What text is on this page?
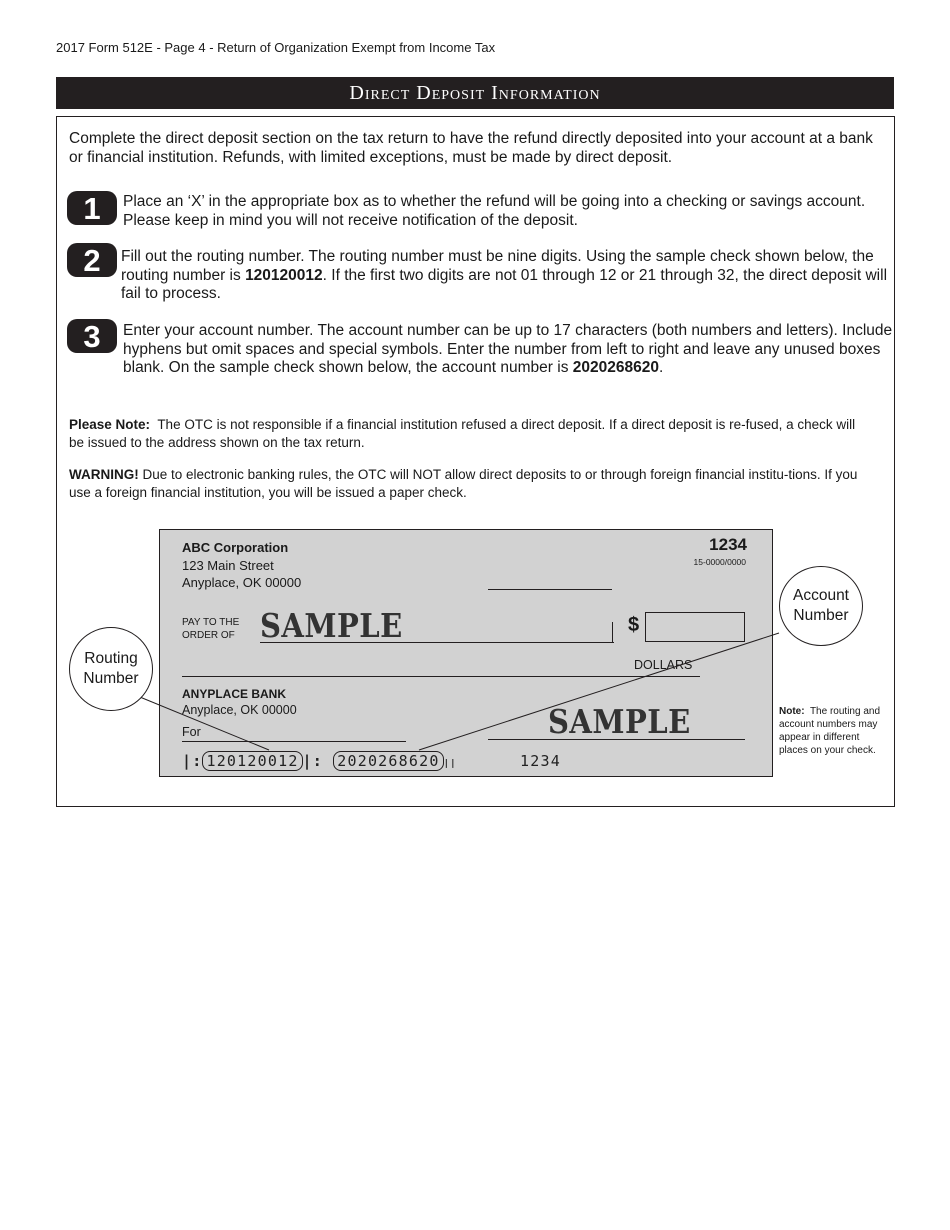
2017 Form 512E - Page 4 - Return of Organization Exempt from Income Tax
Direct Deposit Information
Complete the direct deposit section on the tax return to have the refund directly deposited into your account at a bank or financial institution. Refunds, with limited exceptions, must be made by direct deposit.
1	Place an ‘X’ in the appropriate box as to whether the refund will be going into a checking or savings account. Please keep in mind you will not receive notification of the deposit.
2	Fill out the routing number. The routing number must be nine digits. Using the sample check shown below, the routing number is 120120012. If the first two digits are not 01 through 12 or 21 through 32, the direct deposit will fail to process.
3	Enter your account number. The account number can be up to 17 characters (both numbers and letters). Include hyphens but omit spaces and special symbols. Enter the number from left to right and leave any unused boxes blank. On the sample check shown below, the account number is 2020268620.
Please Note: The OTC is not responsible if a financial institution refused a direct deposit. If a direct deposit is re-fused, a check will be issued to the address shown on the tax return.
WARNING! Due to electronic banking rules, the OTC will NOT allow direct deposits to or through foreign financial institu-tions. If you use a foreign financial institution, you will be issued a paper check.
ABC Corporation
123 Main Street
Anyplace, OK 00000
1234
15-0000/0000
PAY TO THE
ORDER OF SAMPLE	$
DOLLARS
ANYPLACE BANK
Anyplace, OK 00000
For	SAMPLE
|: 120120012 |: 2020268620 ||	1234
Routing
Number
Account
Number
Note: The routing and account numbers may appear in different places on your check.
